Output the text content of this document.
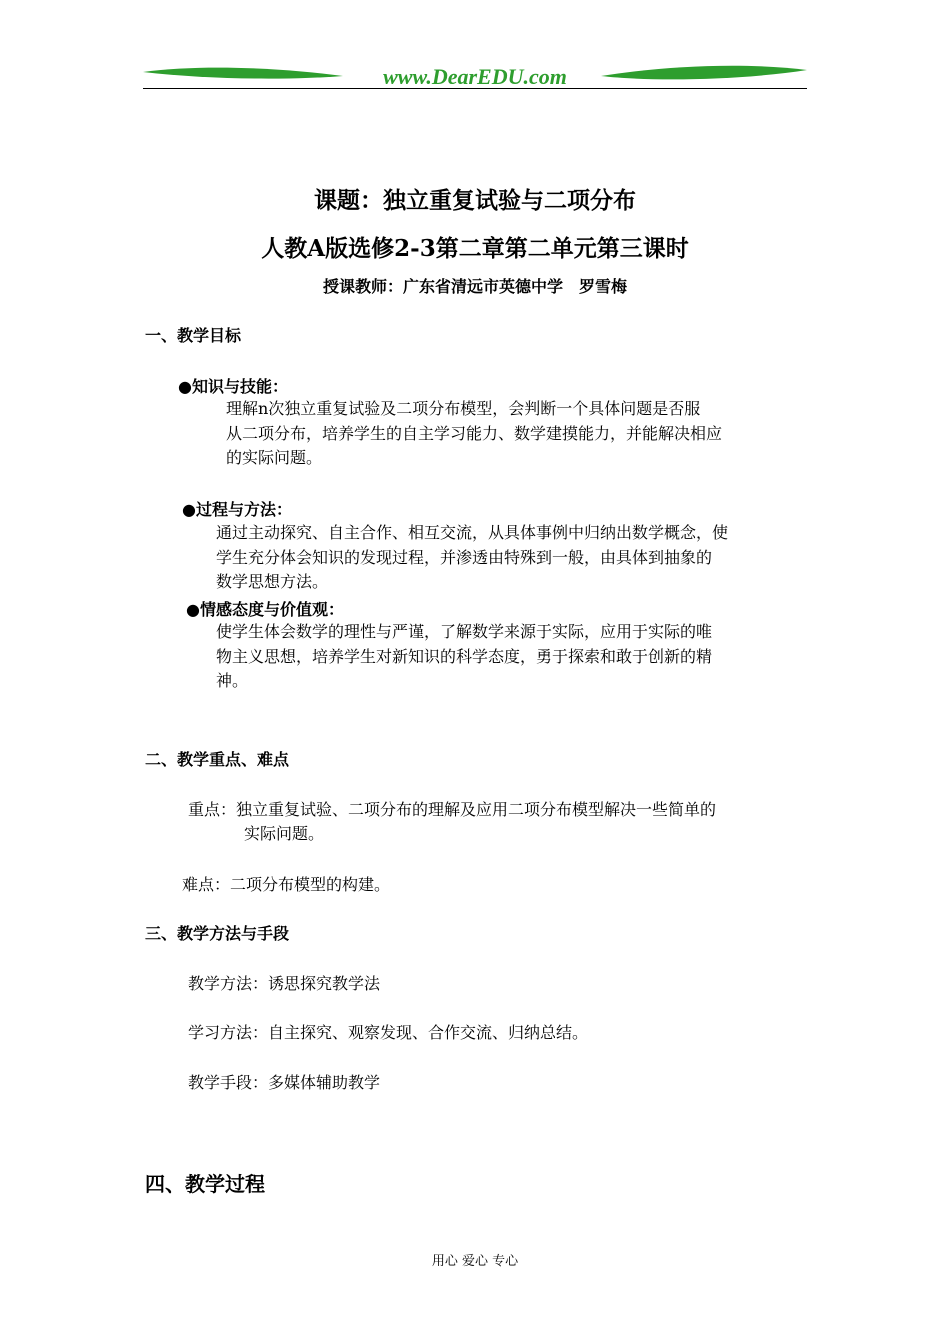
www.DearEDU.com
课题：独立重复试验与二项分布
人教A版选修2-3第二章第二单元第三课时
授课教师：广东省清远市英德中学　罗雪梅
一、教学目标
●知识与技能：
理解n次独立重复试验及二项分布模型，会判断一个具体问题是否服
从二项分布，培养学生的自主学习能力、数学建摸能力，并能解决相应
的实际问题。
●过程与方法：
通过主动探究、自主合作、相互交流，从具体事例中归纳出数学概念，使
学生充分体会知识的发现过程，并渗透由特殊到一般，由具体到抽象的
数学思想方法。
●情感态度与价值观：
使学生体会数学的理性与严谨，了解数学来源于实际，应用于实际的唯
物主义思想，培养学生对新知识的科学态度，勇于探索和敢于创新的精
神。
二、教学重点、难点
重点：独立重复试验、二项分布的理解及应用二项分布模型解决一些简单的
实际问题。
难点：二项分布模型的构建。
三、教学方法与手段
教学方法：诱思探究教学法
学习方法：自主探究、观察发现、合作交流、归纳总结。
教学手段：多媒体辅助教学
四、教学过程
用心 爱心 专心
